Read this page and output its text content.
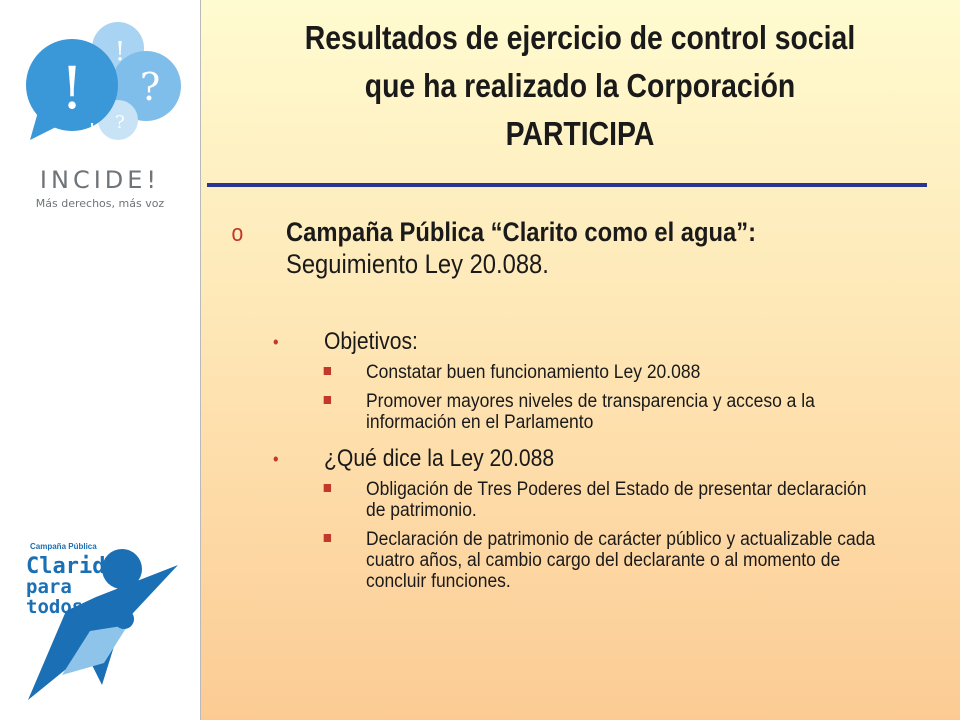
!
!
?
! ?
INCIDE!
Más derechos, más voz
Campaña Pública
Claridad
para
todos
Resultados de ejercicio de control social
que ha realizado la Corporación
PARTICIPA
o Campaña Pública “Clarito como el agua”:
Seguimiento Ley 20.088.
• Objetivos:
Constatar buen funcionamiento Ley 20.088
Promover mayores niveles de transparencia y acceso a la información en el Parlamento
• ¿Qué dice la Ley 20.088
Obligación de Tres Poderes del Estado de presentar declaración de patrimonio.
Declaración de patrimonio de carácter público y actualizable cada cuatro años, al cambio cargo del declarante o al momento de concluir funciones.
